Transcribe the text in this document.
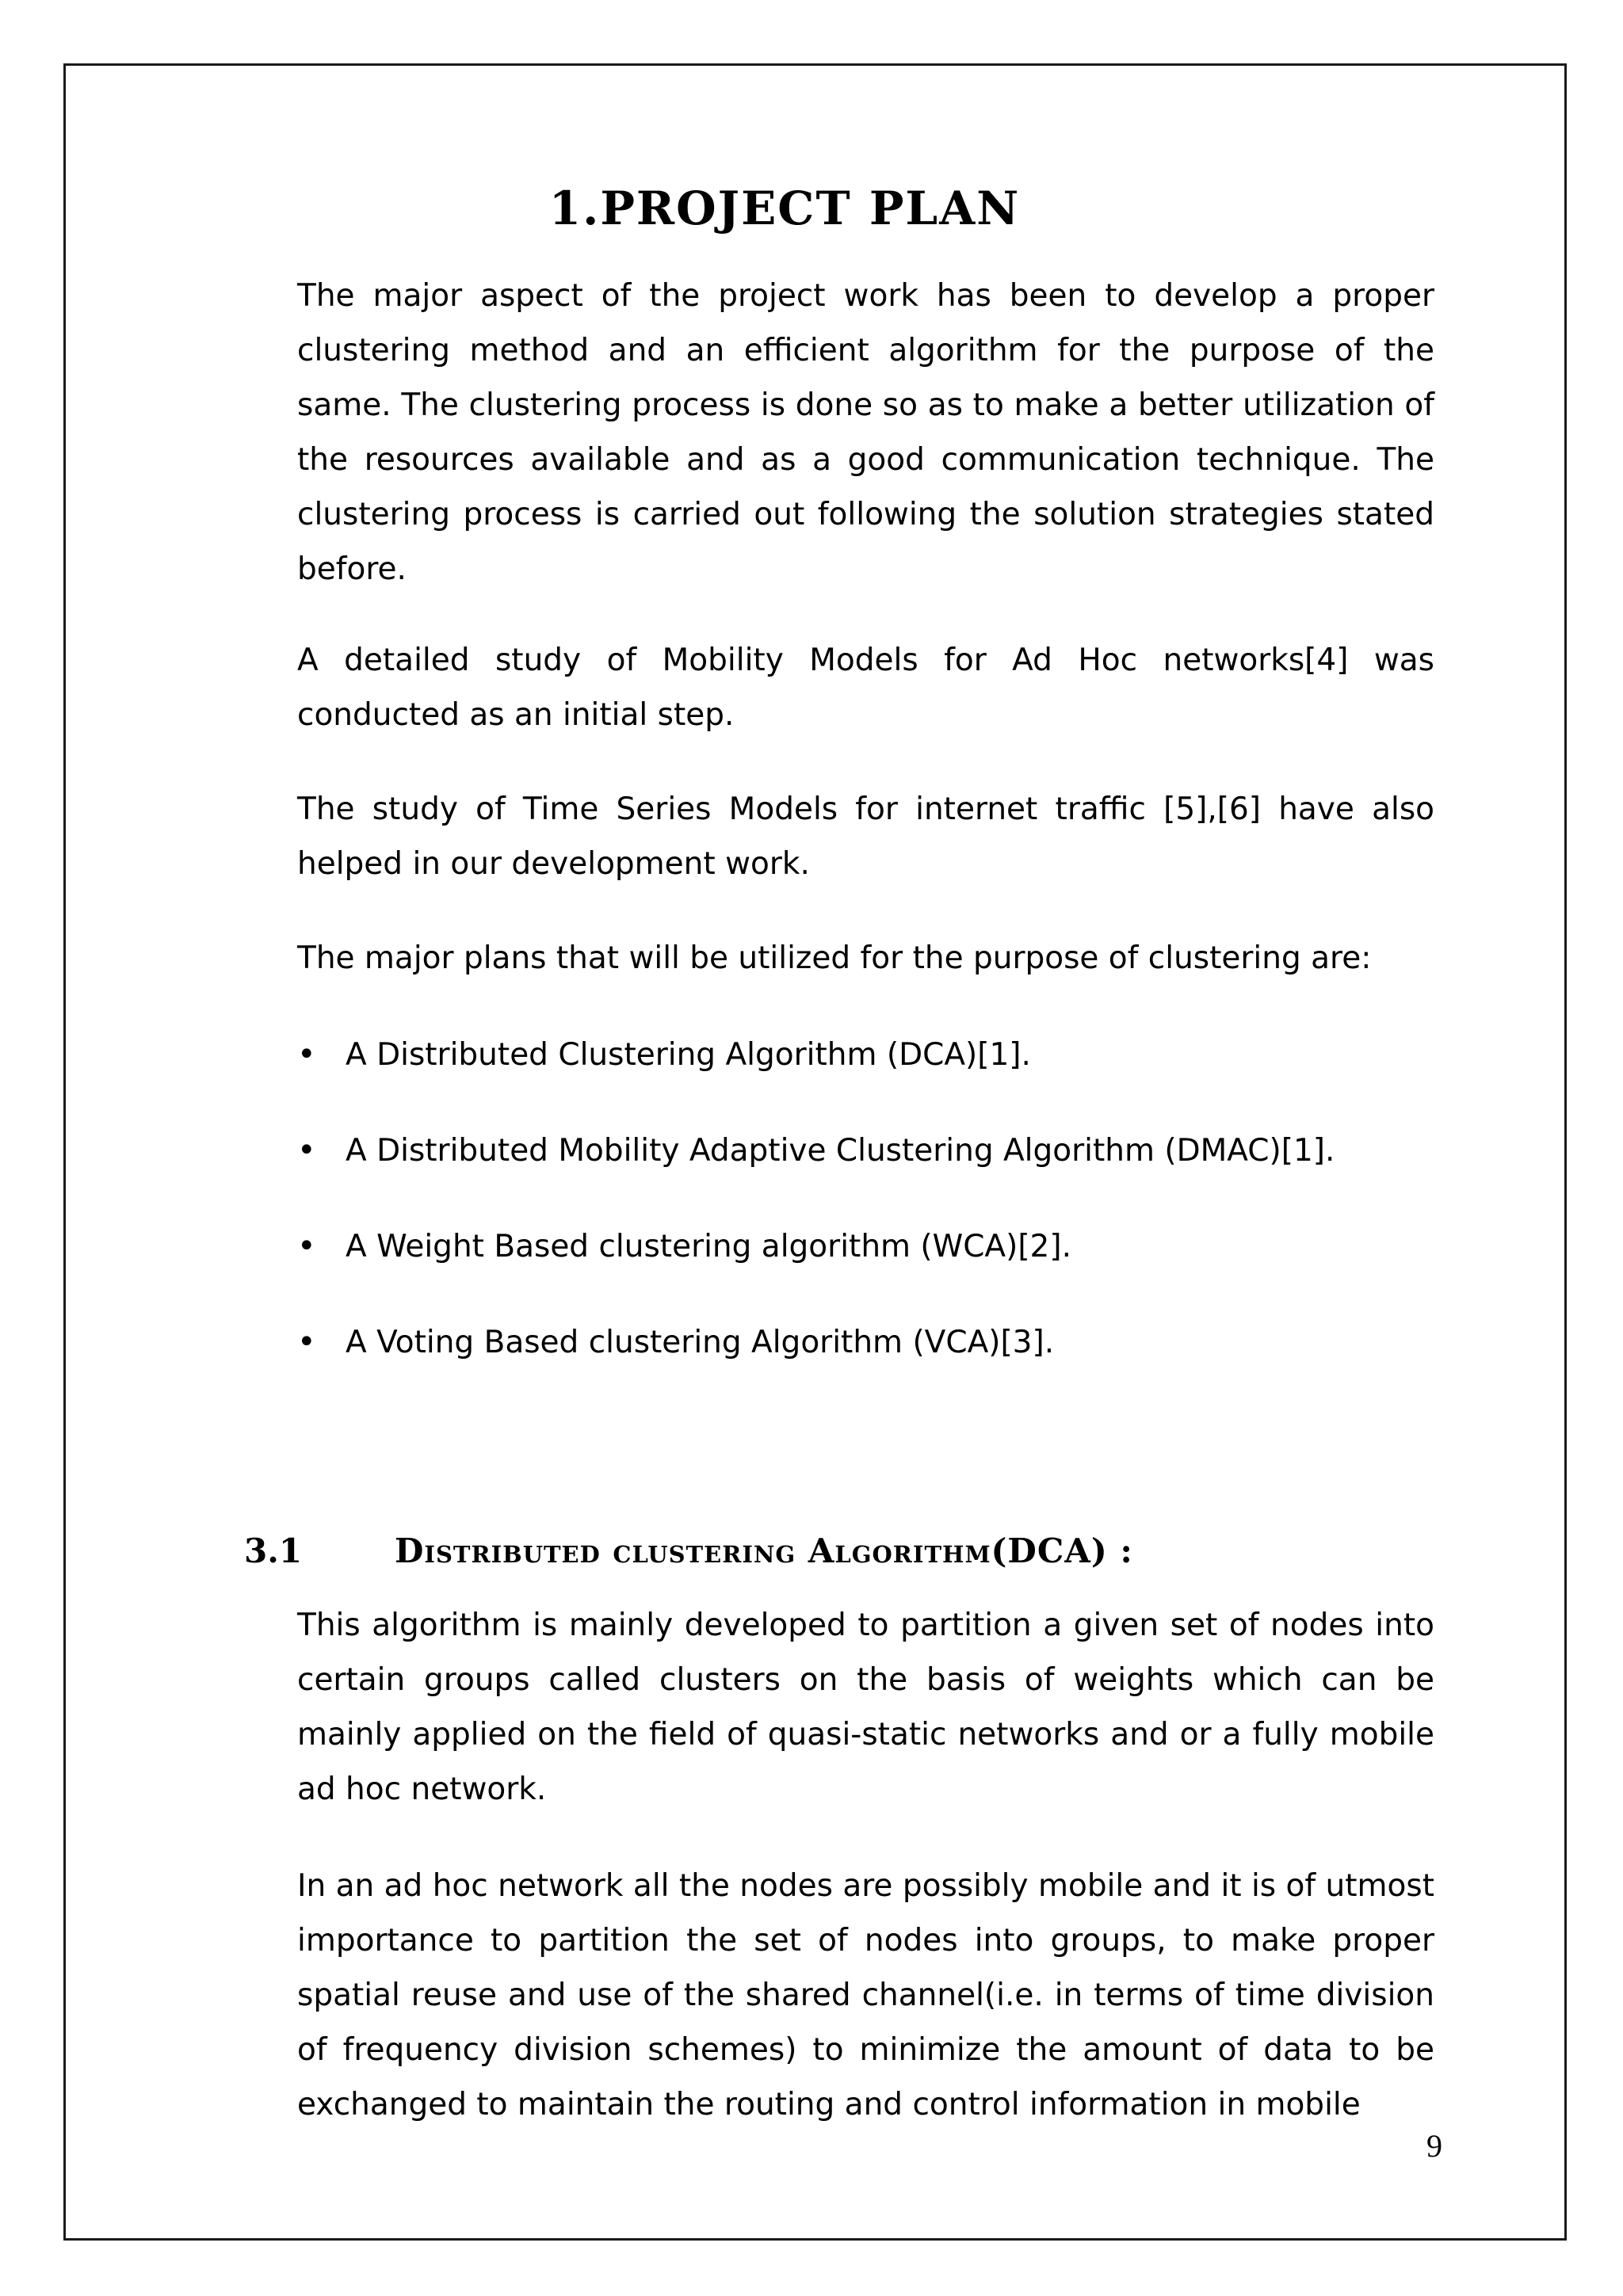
1.PROJECT PLAN

The major aspect of the project work has been to develop a proper clustering method and an efficient algorithm for the purpose of the same. The clustering process is done so as to make a better utilization of the resources available and as a good communication technique. The clustering process is carried out following the solution strategies stated before.

A detailed study of Mobility Models for Ad Hoc networks[4] was conducted as an initial step.

The study of Time Series Models for internet traffic [5],[6] have also helped in our development work.

The major plans that will be utilized for the purpose of clustering are:

• A Distributed Clustering Algorithm (DCA)[1].
• A Distributed Mobility Adaptive Clustering Algorithm (DMAC)[1].
• A Weight Based clustering algorithm (WCA)[2].
• A Voting Based clustering Algorithm (VCA)[3].
3.1	Distributed clustering Algorithm(DCA) :

This algorithm is mainly developed to partition a given set of nodes into certain groups called clusters on the basis of weights which can be mainly applied on the field of quasi-static networks and or a fully mobile ad hoc network.

In an ad hoc network all the nodes are possibly mobile and it is of utmost importance to partition the set of nodes into groups, to make proper spatial reuse and use of the shared channel(i.e. in terms of time division of frequency division schemes) to minimize the amount of data to be exchanged to maintain the routing and control information in mobile

9
